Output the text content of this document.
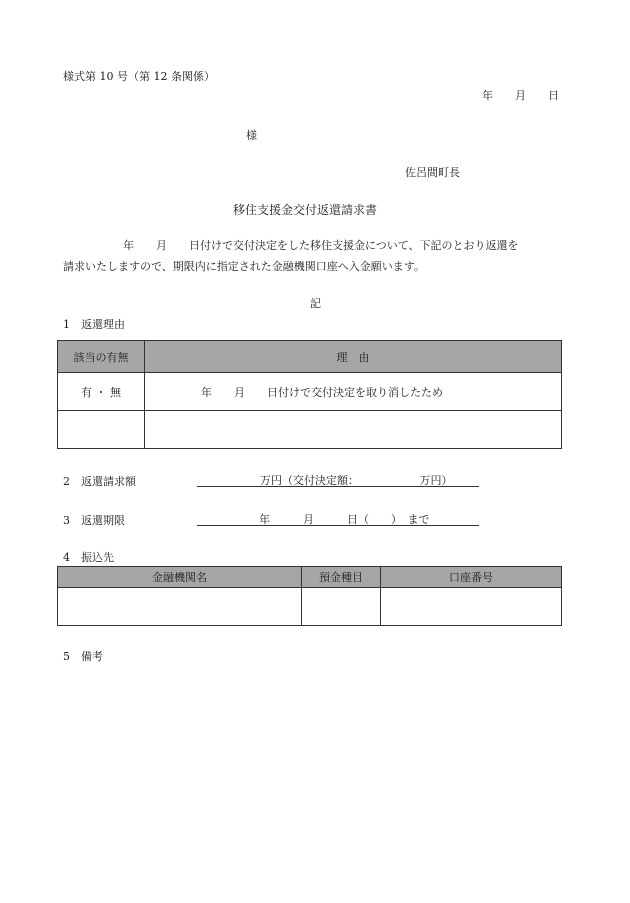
様式第 10 号（第 12 条関係）
年　　月　　日
様
佐呂間町長
移住支援金交付返還請求書
年　　月　　日付けで交付決定をした移住支援金について、下記のとおり返還を
請求いたしますので、期限内に指定された金融機関口座へ入金願います。
記
1　返還理由
該当の有無	理　由
有 ・ 無	年　　月　　日付けで交付決定を取り消したため

2　返還請求額	万円（交付決定額：　　　　　　万円）
3　返還期限	年　　　月　　　日（　　）　まで
4　振込先
金融機関名	預金種目	口座番号

5　備考
